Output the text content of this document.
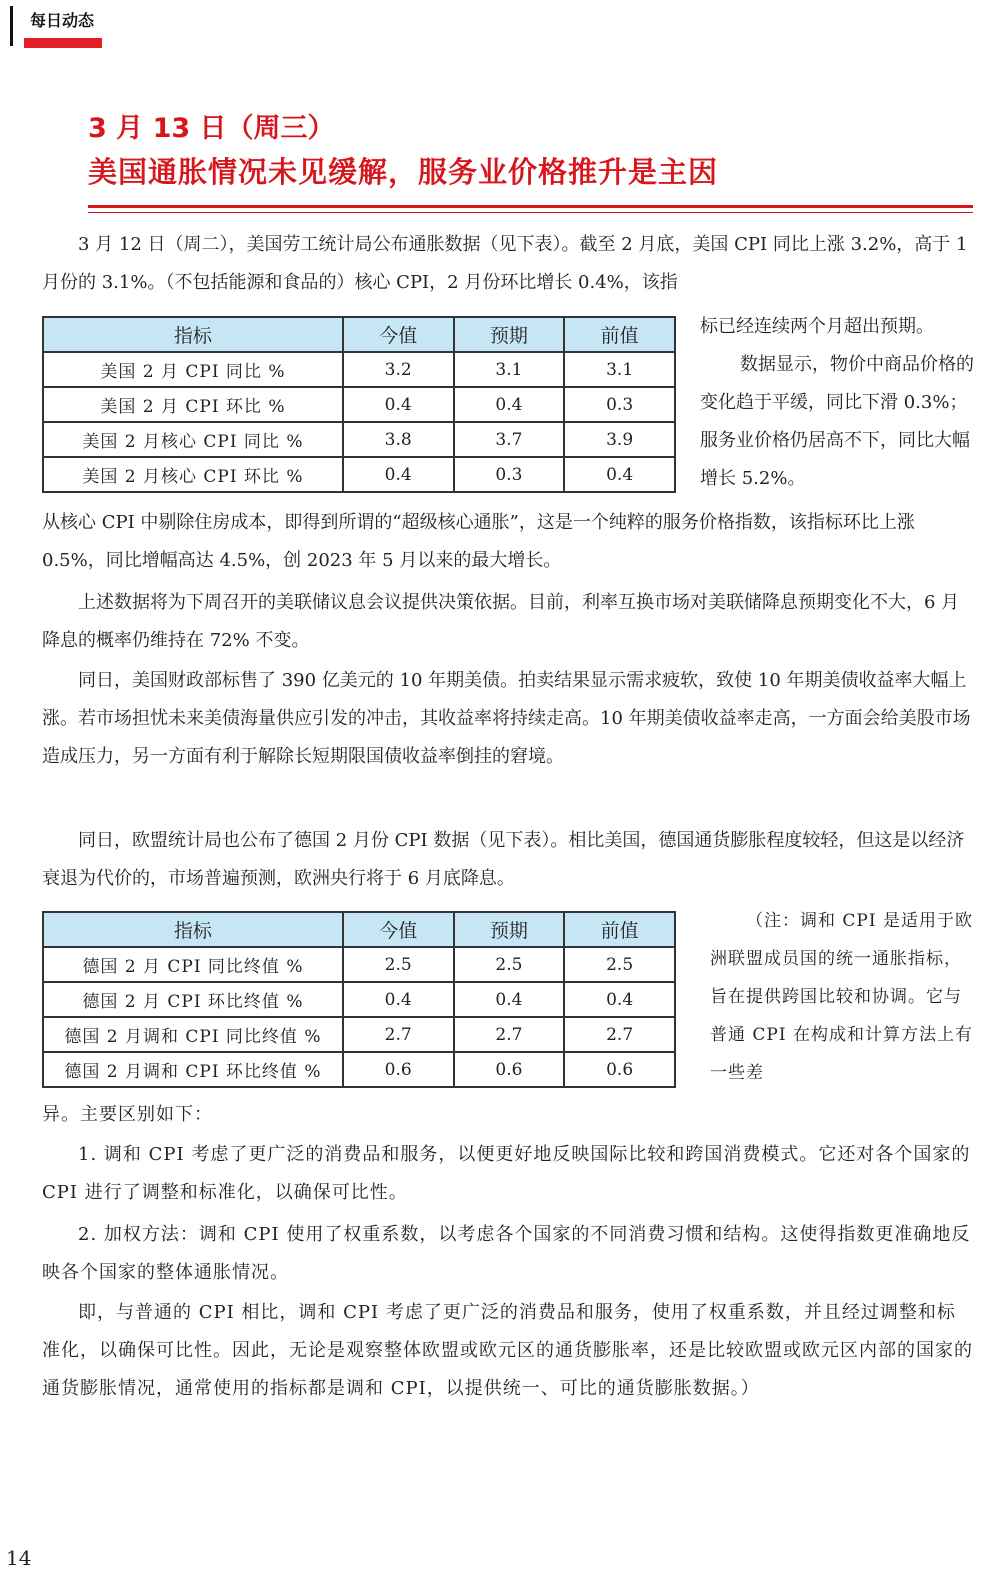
每日动态
3 月 13 日（周三）
美国通胀情况未见缓解，服务业价格推升是主因
3 月 12 日（周二），美国劳工统计局公布通胀数据（见下表）。截至 2 月底，美国 CPI 同比上涨 3.2%，高于 1 月份的 3.1%。（不包括能源和食品的）核心 CPI，2 月份环比增长 0.4%，该指
标已经连续两个月超出预期。
数据显示，物价中商品价格的变化趋于平缓，同比下滑 0.3%；服务业价格仍居高不下，同比大幅增长 5.2%。
指标	今值	预期	前值
美国 2 月 CPI 同比 %	3.2	3.1	3.1
美国 2 月 CPI 环比 %	0.4	0.4	0.3
美国 2 月核心 CPI 同比 %	3.8	3.7	3.9
美国 2 月核心 CPI 环比 %	0.4	0.3	0.4
从核心 CPI 中剔除住房成本，即得到所谓的“超级核心通胀”，这是一个纯粹的服务价格指数，该指标环比上涨 0.5%，同比增幅高达 4.5%，创 2023 年 5 月以来的最大增长。
上述数据将为下周召开的美联储议息会议提供决策依据。目前，利率互换市场对美联储降息预期变化不大，6 月降息的概率仍维持在 72% 不变。
同日，美国财政部标售了 390 亿美元的 10 年期美债。拍卖结果显示需求疲软，致使 10 年期美债收益率大幅上涨。若市场担忧未来美债海量供应引发的冲击，其收益率将持续走高。10 年期美债收益率走高，一方面会给美股市场造成压力，另一方面有利于解除长短期限国债收益率倒挂的窘境。
同日，欧盟统计局也公布了德国 2 月份 CPI 数据（见下表）。相比美国，德国通货膨胀程度较轻，但这是以经济衰退为代价的，市场普遍预测，欧洲央行将于 6 月底降息。
（注：调和 CPI 是适用于欧洲联盟成员国的统一通胀指标，旨在提供跨国比较和协调。它与普通 CPI 在构成和计算方法上有一些差
指标	今值	预期	前值
德国 2 月 CPI 同比终值 %	2.5	2.5	2.5
德国 2 月 CPI 环比终值 %	0.4	0.4	0.4
德国 2 月调和 CPI 同比终值 %	2.7	2.7	2.7
德国 2 月调和 CPI 环比终值 %	0.6	0.6	0.6
异。主要区别如下：
1. 调和 CPI 考虑了更广泛的消费品和服务，以便更好地反映国际比较和跨国消费模式。它还对各个国家的 CPI 进行了调整和标准化，以确保可比性。
2. 加权方法：调和 CPI 使用了权重系数，以考虑各个国家的不同消费习惯和结构。这使得指数更准确地反映各个国家的整体通胀情况。
即，与普通的 CPI 相比，调和 CPI 考虑了更广泛的消费品和服务，使用了权重系数，并且经过调整和标准化，以确保可比性。因此，无论是观察整体欧盟或欧元区的通货膨胀率，还是比较欧盟或欧元区内部的国家的通货膨胀情况，通常使用的指标都是调和 CPI，以提供统一、可比的通货膨胀数据。）
14
